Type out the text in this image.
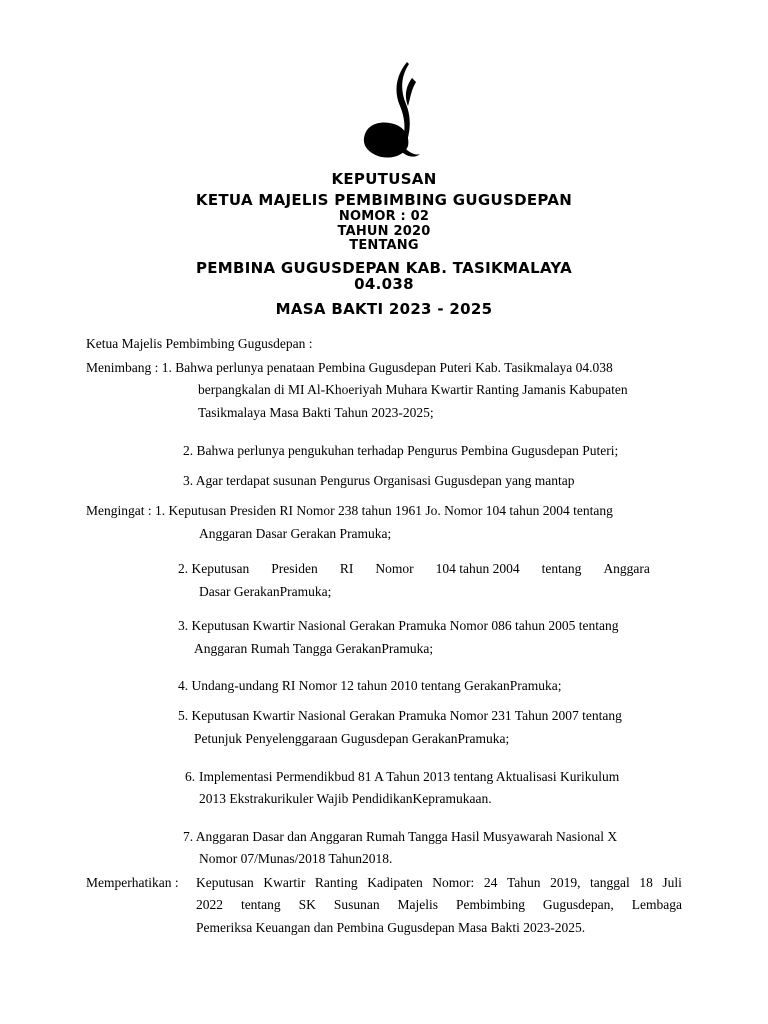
KEPUTUSAN
KETUA MAJELIS PEMBIMBING GUGUSDEPAN
NOMOR : 02
TAHUN 2020
TENTANG
PEMBINA GUGUSDEPAN KAB. TASIKMALAYA
04.038
MASA BAKTI 2023 - 2025
Ketua Majelis Pembimbing Gugusdepan :
Menimbang : 1. Bahwa perlunya penataan Pembina Gugusdepan Puteri Kab. Tasikmalaya 04.038
berpangkalan di MI Al-Khoeriyah Muhara Kwartir Ranting Jamanis Kabupaten
Tasikmalaya Masa Bakti Tahun 2023-2025;
2. Bahwa perlunya pengukuhan terhadap Pengurus Pembina Gugusdepan Puteri;
3. Agar terdapat susunan Pengurus Organisasi Gugusdepan yang mantap
Mengingat : 1. Keputusan Presiden RI Nomor 238 tahun 1961 Jo. Nomor 104 tahun 2004 tentang
Anggaran Dasar Gerakan Pramuka;
2. Keputusan Presiden RI Nomor 104 tahun 2004 tentang Anggara
Dasar GerakanPramuka;
3. Keputusan Kwartir Nasional Gerakan Pramuka Nomor 086 tahun 2005 tentang
Anggaran Rumah Tangga GerakanPramuka;
4. Undang-undang RI Nomor 12 tahun 2010 tentang GerakanPramuka;
5. Keputusan Kwartir Nasional Gerakan Pramuka Nomor 231 Tahun 2007 tentang
Petunjuk Penyelenggaraan Gugusdepan GerakanPramuka;
6. Implementasi Permendikbud 81 A Tahun 2013 tentang Aktualisasi Kurikulum
2013 Ekstrakurikuler Wajib PendidikanKepramukaan.
7. Anggaran Dasar dan Anggaran Rumah Tangga Hasil Musyawarah Nasional X
Nomor 07/Munas/2018 Tahun2018.
Memperhatikan : Keputusan Kwartir Ranting Kadipaten Nomor: 24 Tahun 2019, tanggal 18 Juli
2022 tentang SK Susunan Majelis Pembimbing Gugusdepan, Lembaga
Pemeriksa Keuangan dan Pembina Gugusdepan Masa Bakti 2023-2025.
